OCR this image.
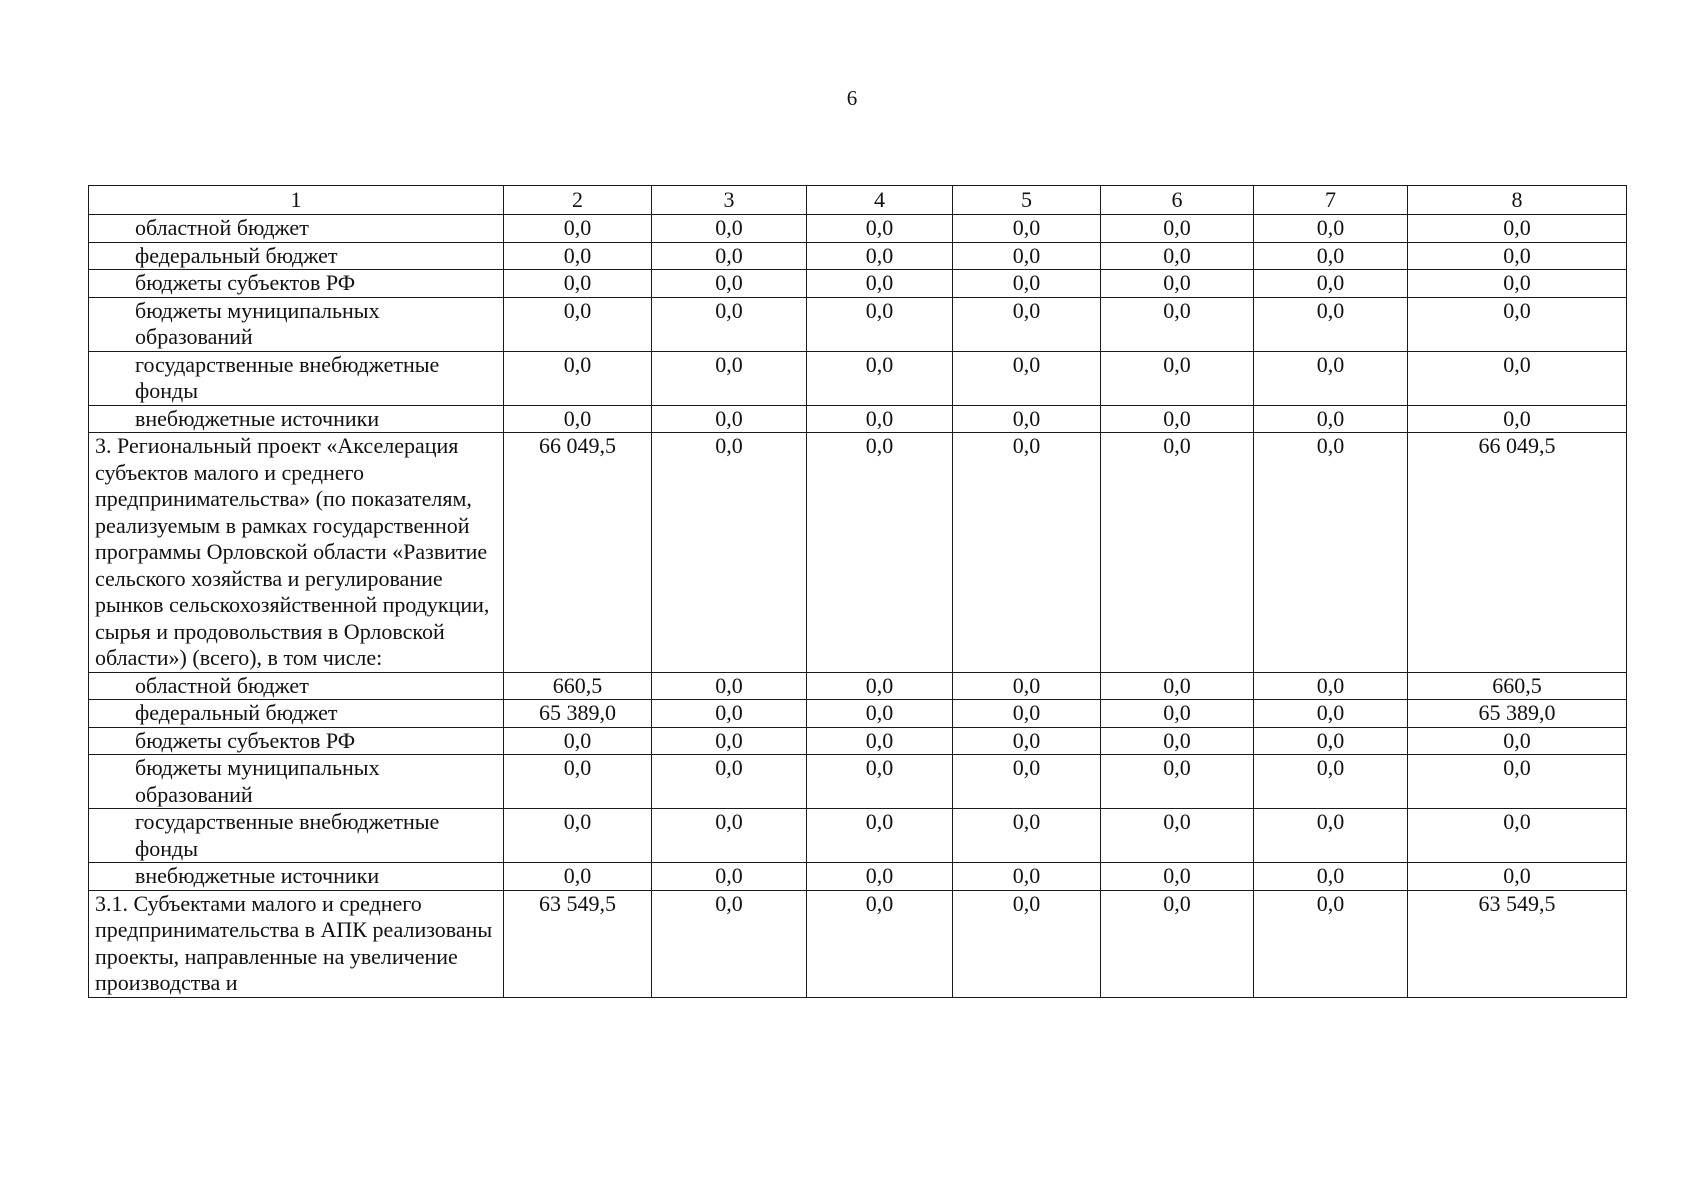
6
1	2	3	4	5	6	7	8
областной бюджет	0,0	0,0	0,0	0,0	0,0	0,0	0,0
федеральный бюджет	0,0	0,0	0,0	0,0	0,0	0,0	0,0
бюджеты субъектов РФ	0,0	0,0	0,0	0,0	0,0	0,0	0,0
бюджеты муниципальных образований	0,0	0,0	0,0	0,0	0,0	0,0	0,0
государственные внебюджетные фонды	0,0	0,0	0,0	0,0	0,0	0,0	0,0
внебюджетные источники	0,0	0,0	0,0	0,0	0,0	0,0	0,0
3. Региональный проект «Акселерация субъектов малого и среднего предпринимательства» (по показателям, реализуемым в рамках государственной программы Орловской области «Развитие сельского хозяйства и регулирование рынков сельскохозяйственной продукции, сырья и продовольствия в Орловской области») (всего), в том числе:	66 049,5	0,0	0,0	0,0	0,0	0,0	66 049,5
областной бюджет	660,5	0,0	0,0	0,0	0,0	0,0	660,5
федеральный бюджет	65 389,0	0,0	0,0	0,0	0,0	0,0	65 389,0
бюджеты субъектов РФ	0,0	0,0	0,0	0,0	0,0	0,0	0,0
бюджеты муниципальных образований	0,0	0,0	0,0	0,0	0,0	0,0	0,0
государственные внебюджетные фонды	0,0	0,0	0,0	0,0	0,0	0,0	0,0
внебюджетные источники	0,0	0,0	0,0	0,0	0,0	0,0	0,0
3.1. Субъектами малого и среднего предпринимательства в АПК реализованы проекты, направленные на увеличение производства и	63 549,5	0,0	0,0	0,0	0,0	0,0	63 549,5
